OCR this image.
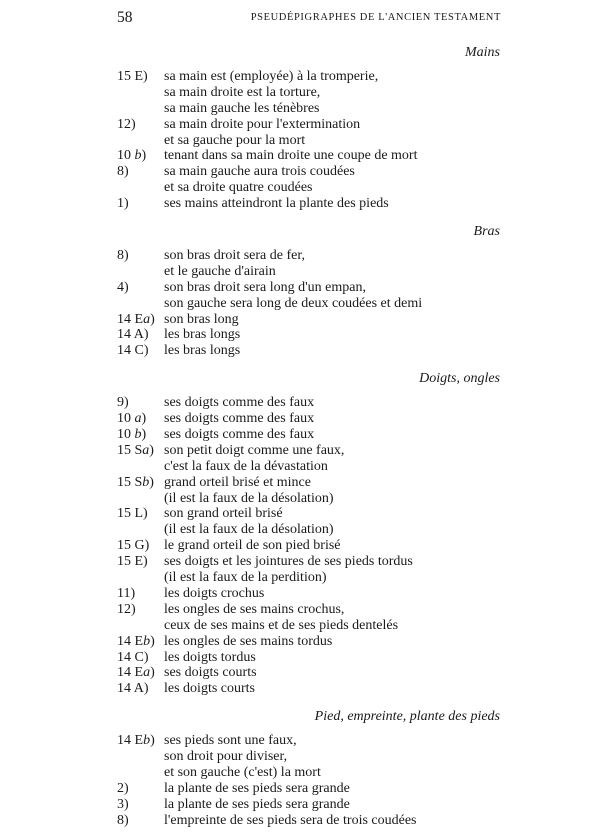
58	PSEUDÉPIGRAPHES DE L'ANCIEN TESTAMENT
Mains
15 E) sa main est (employée) à la tromperie,
sa main droite est la torture,
sa main gauche les ténèbres
12) sa main droite pour l'extermination
et sa gauche pour la mort
10 b) tenant dans sa main droite une coupe de mort
8)	sa main gauche aura trois coudées
et sa droite quatre coudées
1)	ses mains atteindront la plante des pieds
Bras
8)	son bras droit sera de fer,
et le gauche d'airain
4)	son bras droit sera long d'un empan,
son gauche sera long de deux coudées et demi
14 Ea) son bras long
14 A) les bras longs
14 C) les bras longs
Doigts, ongles
9)	ses doigts comme des faux
10 a) ses doigts comme des faux
10 b) ses doigts comme des faux
15 Sa) son petit doigt comme une faux,
c'est la faux de la dévastation
15 Sb) grand orteil brisé et mince
(il est la faux de la désolation)
15 L) son grand orteil brisé
(il est la faux de la désolation)
15 G) le grand orteil de son pied brisé
15 E) ses doigts et les jointures de ses pieds tordus
(il est la faux de la perdition)
11) les doigts crochus
12) les ongles de ses mains crochus,
ceux de ses mains et de ses pieds dentelés
14 Eb) les ongles de ses mains tordus
14 C) les doigts tordus
14 Ea) ses doigts courts
14 A) les doigts courts
Pied, empreinte, plante des pieds
14 Eb) ses pieds sont une faux,
son droit pour diviser,
et son gauche (c'est) la mort
2)	la plante de ses pieds sera grande
3)	la plante de ses pieds sera grande
8)	l'empreinte de ses pieds sera de trois coudées
